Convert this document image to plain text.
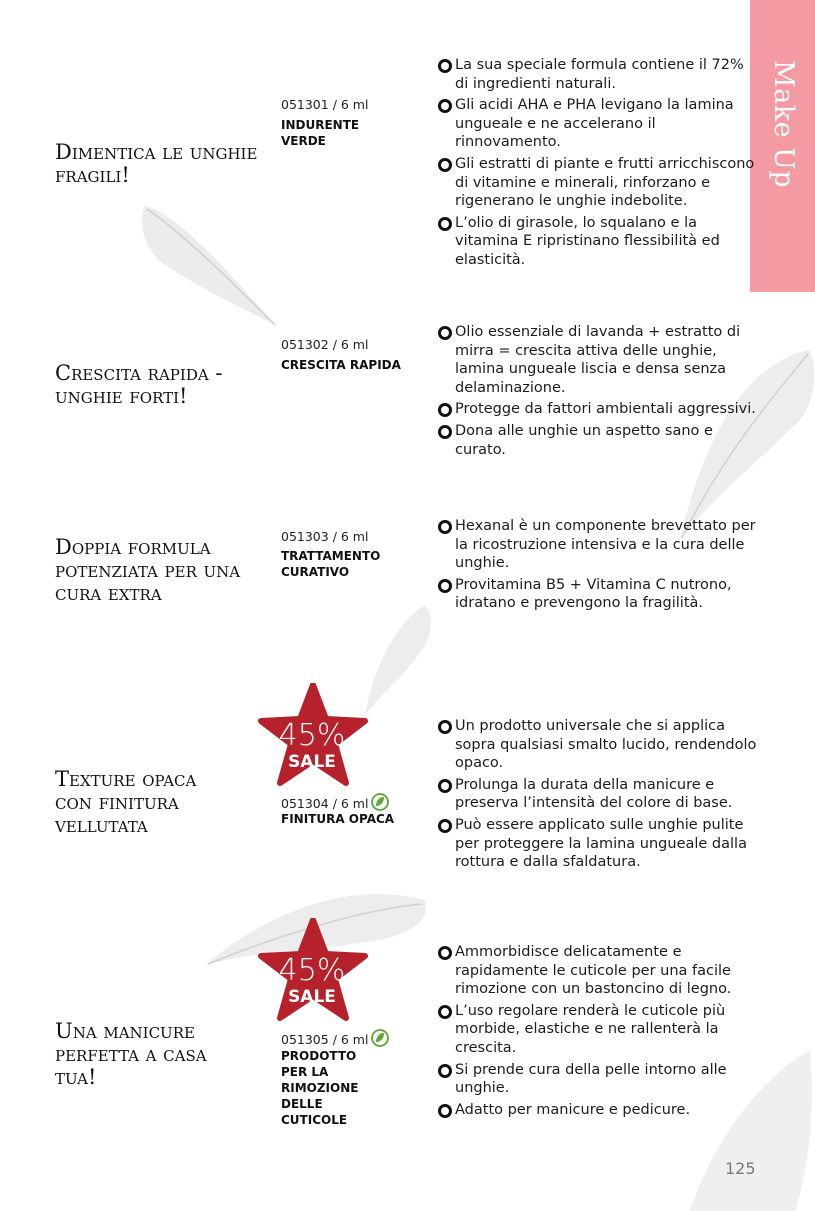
Make Up
Dimentica le unghie fragili!
051301 / 6 ml
INDURENTE VERDE
La sua speciale formula contiene il 72% di ingredienti naturali.
Gli acidi AHA e PHA levigano la lamina ungueale e ne accelerano il rinnovamento.
Gli estratti di piante e frutti arricchiscono di vitamine e minerali, rinforzano e rigenerano le unghie indebolite.
L’olio di girasole, lo squalano e la vitamina E ripristinano flessibilità ed elasticità.
Crescita rapida - unghie forti!
051302 / 6 ml
CRESCITA RAPIDA
Olio essenziale di lavanda + estratto di mirra = crescita attiva delle unghie, lamina ungueale liscia e densa senza delaminazione.
Protegge da fattori ambientali aggressivi.
Dona alle unghie un aspetto sano e curato.
Doppia formula potenziata per una cura extra
051303 / 6 ml
TRATTAMENTO CURATIVO
Hexanal è un componente brevettato per la ricostruzione intensiva e la cura delle unghie.
Provitamina B5 + Vitamina C nutrono, idratano e prevengono la fragilità.
45%
SALE
Texture opaca con finitura vellutata
051304 / 6 ml
FINITURA OPACA
Un prodotto universale che si applica sopra qualsiasi smalto lucido, rendendolo opaco.
Prolunga la durata della manicure e preserva l’intensità del colore di base.
Può essere applicato sulle unghie pulite per proteggere la lamina ungueale dalla rottura e dalla sfaldatura.
45%
SALE
Una manicure perfetta a casa tua!
051305 / 6 ml
PRODOTTO PER LA RIMOZIONE DELLE CUTICOLE
Ammorbidisce delicatamente e rapidamente le cuticole per una facile rimozione con un bastoncino di legno.
L’uso regolare renderà le cuticole più morbide, elastiche e ne rallenterà la crescita.
Si prende cura della pelle intorno alle unghie.
Adatto per manicure e pedicure.
125
